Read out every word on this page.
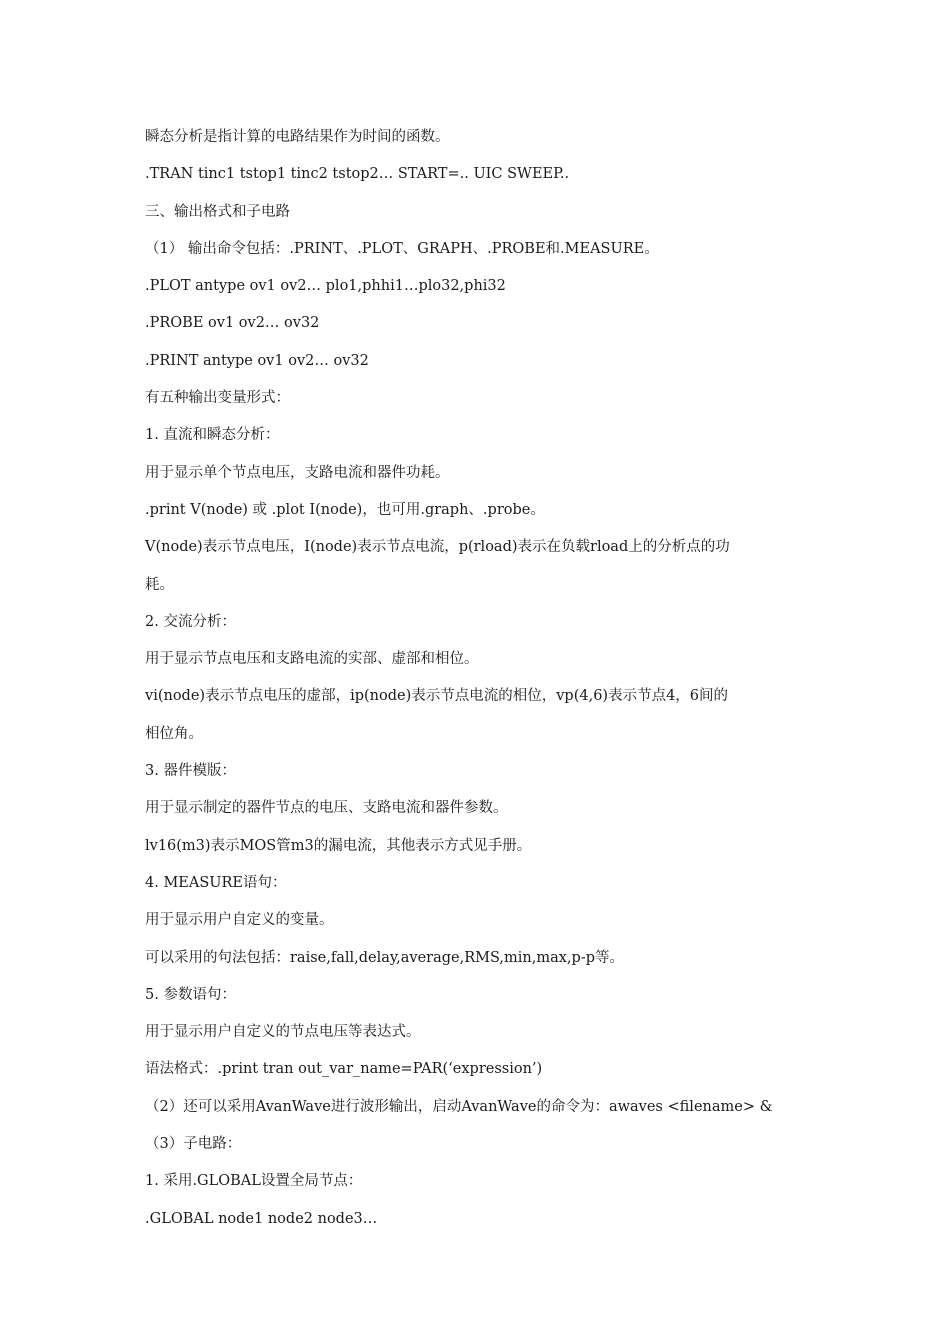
瞬态分析是指计算的电路结果作为时间的函数。
.TRAN tinc1 tstop1 tinc2 tstop2… START=.. UIC SWEEP..
三、输出格式和子电路
（1） 输出命令包括：.PRINT、.PLOT、GRAPH、.PROBE和.MEASURE。
.PLOT antype ov1 ov2… plo1,phhi1…plo32,phi32
.PROBE ov1 ov2… ov32
.PRINT antype ov1 ov2… ov32
有五种输出变量形式：
1. 直流和瞬态分析：
用于显示单个节点电压，支路电流和器件功耗。
.print V(node) 或 .plot I(node)，也可用.graph、.probe。
V(node)表示节点电压，I(node)表示节点电流，p(rload)表示在负载rload上的分析点的功
耗。
2. 交流分析：
用于显示节点电压和支路电流的实部、虚部和相位。
vi(node)表示节点电压的虚部，ip(node)表示节点电流的相位，vp(4,6)表示节点4，6间的
相位角。
3. 器件模版：
用于显示制定的器件节点的电压、支路电流和器件参数。
lv16(m3)表示MOS管m3的漏电流，其他表示方式见手册。
4. MEASURE语句：
用于显示用户自定义的变量。
可以采用的句法包括：raise,fall,delay,average,RMS,min,max,p-p等。
5. 参数语句：
用于显示用户自定义的节点电压等表达式。
语法格式：.print tran out_var_name=PAR(‘expression’)
（2）还可以采用AvanWave进行波形输出，启动AvanWave的命令为：awaves <filename> &
（3）子电路：
1. 采用.GLOBAL设置全局节点：
.GLOBAL node1 node2 node3…
